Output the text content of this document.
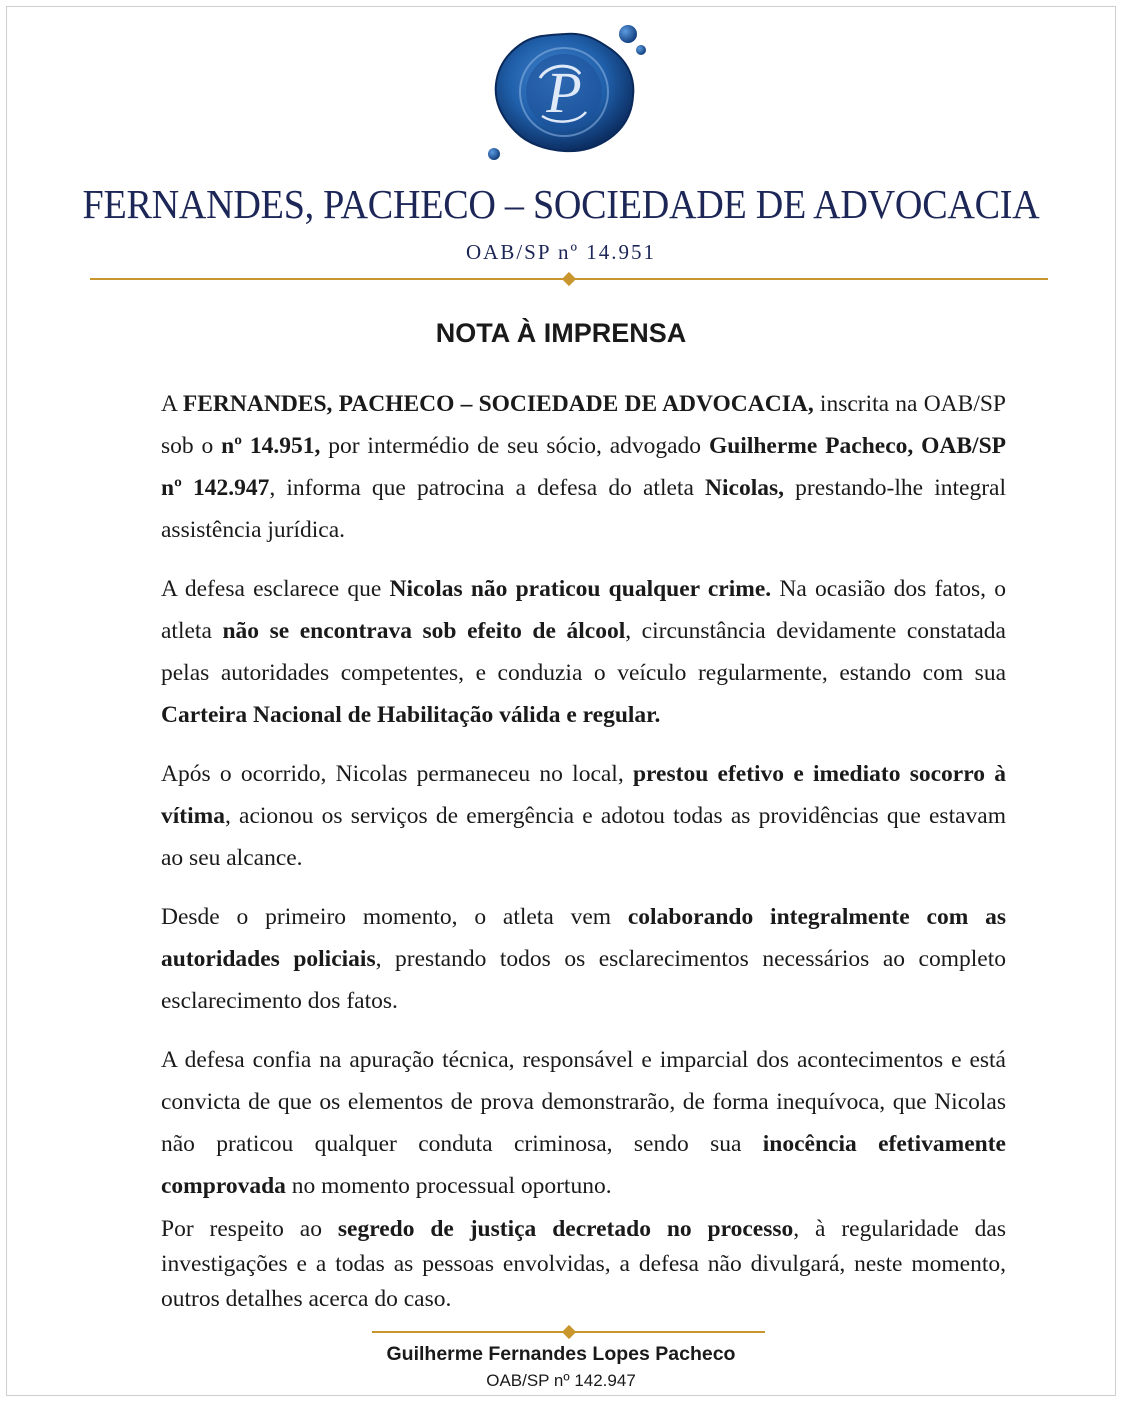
P
FERNANDES, PACHECO – SOCIEDADE DE ADVOCACIA
OAB/SP nº 14.951
NOTA À IMPRENSA

A FERNANDES, PACHECO – SOCIEDADE DE ADVOCACIA, inscrita na OAB/SP sob o nº 14.951, por intermédio de seu sócio, advogado Guilherme Pacheco, OAB/SP nº 142.947, informa que patrocina a defesa do atleta Nicolas, prestando-lhe integral assistência jurídica.

A defesa esclarece que Nicolas não praticou qualquer crime. Na ocasião dos fatos, o atleta não se encontrava sob efeito de álcool, circunstância devidamente constatada pelas autoridades competentes, e conduzia o veículo regularmente, estando com sua Carteira Nacional de Habilitação válida e regular.

Após o ocorrido, Nicolas permaneceu no local, prestou efetivo e imediato socorro à vítima, acionou os serviços de emergência e adotou todas as providências que estavam ao seu alcance.

Desde o primeiro momento, o atleta vem colaborando integralmente com as autoridades policiais, prestando todos os esclarecimentos necessários ao completo esclarecimento dos fatos.

A defesa confia na apuração técnica, responsável e imparcial dos acontecimentos e está convicta de que os elementos de prova demonstrarão, de forma inequívoca, que Nicolas não praticou qualquer conduta criminosa, sendo sua inocência efetivamente comprovada no momento processual oportuno.

Por respeito ao segredo de justiça decretado no processo, à regularidade das investigações e a todas as pessoas envolvidas, a defesa não divulgará, neste momento, outros detalhes acerca do caso.

Guilherme Fernandes Lopes Pacheco
OAB/SP nº 142.947
